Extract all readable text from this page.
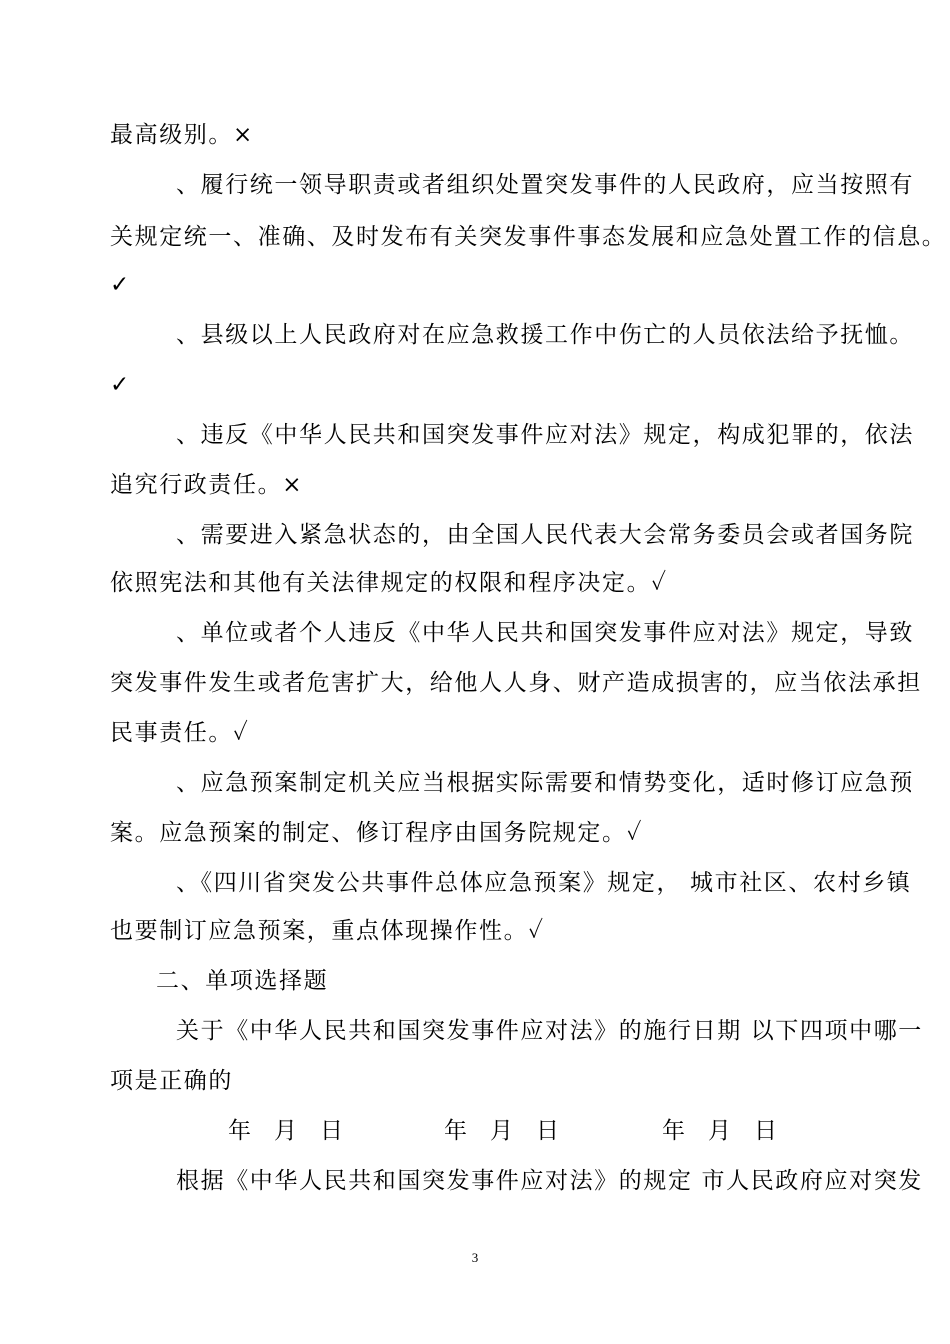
最高级别。×
、履行统一领导职责或者组织处置突发事件的人民政府，应当按照有
关规定统一、准确、及时发布有关突发事件事态发展和应急处置工作的信息。
✓
、县级以上人民政府对在应急救援工作中伤亡的人员依法给予抚恤。
✓
、违反《中华人民共和国突发事件应对法》规定，构成犯罪的，依法
追究行政责任。×
、需要进入紧急状态的，由全国人民代表大会常务委员会或者国务院
依照宪法和其他有关法律规定的权限和程序决定。✓
、单位或者个人违反《中华人民共和国突发事件应对法》规定，导致
突发事件发生或者危害扩大，给他人人身、财产造成损害的，应当依法承担
民事责任。✓
、应急预案制定机关应当根据实际需要和情势变化，适时修订应急预
案。应急预案的制定、修订程序由国务院规定。✓
、《四川省突发公共事件总体应急预案》规定， 城市社区、农村乡镇
也要制订应急预案，重点体现操作性。✓
二、单项选择题
关于《中华人民共和国突发事件应对法》的施行日期 以下四项中哪一
项是正确的
年　月　日	年　月　日	年　月　日
根据《中华人民共和国突发事件应对法》的规定 市人民政府应对突发
3
